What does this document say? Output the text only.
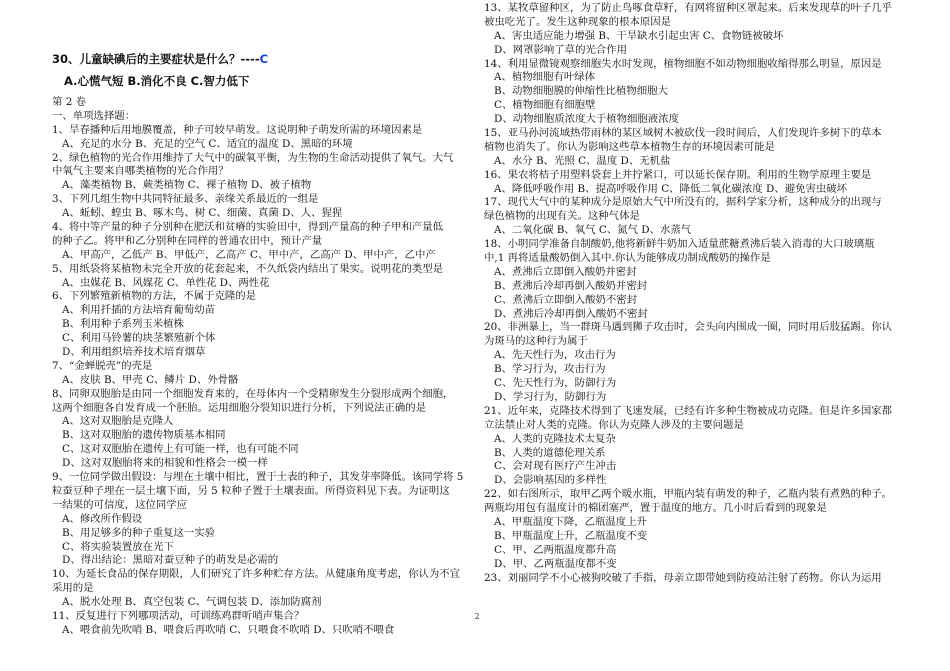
30、儿童缺碘后的主要症状是什么？----C
A.心慌气短 B.消化不良 C.智力低下
第 2 卷
一、单项选择题：
1、旱春播种后用地膜覆盖，种子可较早萌发。这说明种子萌发所需的环境因素是
A、充足的水分 B、充足的空气 C、适宜的温度 D、黑暗的环境
2、绿色植物的光合作用维持了大气中的碳氧平衡，为生物的生命活动提供了氧气。大气
中氧气主要来自哪类植物的光合作用？
A、藻类植物 B、蕨类植物 C、裸子植物 D、被子植物
3、下列几组生物中共同特征最多、亲缘关系最近的一组是
A、蚯蚓、蝗虫 B、啄木鸟、树 C、细菌、真菌 D、人、猩猩
4、将中等产量的种子分别种在肥沃和贫瘠的实验田中，得到产量高的种子甲和产量低
的种子乙。将甲和乙分别种在同样的普通农田中，预计产量
A、甲高产，乙低产 B、甲低产，乙高产 C、甲中产，乙高产 D、甲中产，乙中产
5、用纸袋将某植物未完全开放的花套起来，不久纸袋内结出了果实。说明花的类型是
A、虫媒花 B、风媒花 C、单性花 D、两性花
6、下列繁殖新植物的方法，不属于克隆的是
A、利用扦插的方法培育葡萄幼苗
B、利用种子系列玉米植株
C、利用马铃薯的块茎繁殖新个体
D、利用组织培养技术培育烟草
7、“金蝉脱壳”的壳是
A、皮肤 B、甲壳 C、鳞片 D、外骨骼
8、同卵双胞胎是由同一个细胞发育来的，在母体内一个受精卵发生分裂形成两个细胞，
这两个细胞各自发育成一个胚胎。运用细胞分裂知识进行分析，下列说法正确的是
A、这对双胞胎是克隆人
B、这对双胞胎的遗传物质基本相同
C、这对双胞胎在遗传上有可能一样，也有可能不同
D、这对双胞胎将来的相貌和性格会一模一样
9、一位同学做出假设：与埋在土壤中相比，置于土表的种子，其发芽率降低。该同学将 5
粒蚕豆种子埋在一层土壤下面，另 5 粒种子置于土壤表面。所得资料见下表。为证明这
一结果的可信度，这位同学应
A、修改所作假设
B、用足够多的种子重复这一实验
C、将实验装置放在光下
D、得出结论：黑暗对蚕豆种子的萌发是必需的
10、为延长食品的保存期限，人们研究了许多种贮存方法。从健康角度考虑，你认为不宜
采用的是
A、脱水处理 B、真空包装 C、气调包装 D、添加防腐剂
11、反复进行下列哪项活动，可训练鸡群听哨声集合？
A、喂食前先吹哨 B、喂食后再吹哨 C、只喂食不吹哨 D、只吹哨不喂食
13、某牧草留种区，为了防止鸟啄食草籽，有网将留种区罩起来。后来发现草的叶子几乎
被虫吃光了。发生这种现象的根本原因是
A、害虫适应能力增强 B、干旱缺水引起虫害 C、食物链被破坏
D、网罩影响了草的光合作用
14、利用显微镜观察细胞失水时发现，植物细胞不如动物细胞收缩得那么明显，原因是
A、植物细胞有叶绿体
B、动物细胞膜的伸缩性比植物细胞大
C、植物细胞有细胞壁
D、动物细胞质浓度大于植物细胞液浓度
15、亚马孙河流域热带雨林的某区域树木被砍伐一段时间后，人们发现许多树下的草本
植物也消失了。你认为影响这些草本植物生存的环境因素可能是
A、水分 B、光照 C、温度 D、无机盐
16、果农将桔子用塑料袋套上并拧紧口，可以延长保存期。利用的生物学原理主要是
A、降低呼吸作用 B、提高呼吸作用 C、降低二氧化碳浓度 D、避免害虫破坏
17、现代大气中的某种成分是原始大气中所没有的，据科学家分析，这种成分的出现与
绿色植物的出现有关。这种气体是
A、二氧化碳 B、氧气 C、氮气 D、水蒸气
18、小明同学准备自制酸奶,他将新鲜牛奶加入适量蔗糖煮沸后装入消毒的大口玻璃瓶
中,1 再将适量酸奶倒入其中.你认为能够成功制成酸奶的操作是
A、煮沸后立即倒入酸奶并密封
B、煮沸后冷却再倒入酸奶并密封
C、煮沸后立即倒入酸奶不密封
D、煮沸后冷却再倒入酸奶不密封
20、非洲暴上，当一群斑马遇到狮子攻击时，会头向内围成一圈，同时用后肢猛踢。你认
为斑马的这种行为属于
A、先天性行为，攻击行为
B、学习行为，攻击行为
C、先天性行为，防御行为
D、学习行为，防御行为
21、近年来，克隆技术得到了飞速发展，已经有许多种生物被成功克隆。但是许多国家都
立法禁止对人类的克隆。你认为克隆人涉及的主要问题是
A、人类的克隆技术太复杂
B、人类的道德伦理关系
C、会对现有医疗产生冲击
D、会影响基因的多样性
22、如右图所示，取甲乙两个暖水瓶，甲瓶内装有萌发的种子，乙瓶内装有煮熟的种子。
两瓶均用包有温度计的棉团塞严，置于温度的地方。几小时后看到的现象是
A、甲瓶温度下降，乙瓶温度上升
B、甲瓶温度上升，乙瓶温度不变
C、甲、乙两瓶温度都升高
D、甲、乙两瓶温度都不变
23、刘丽同学不小心被狗咬破了手指，母亲立即带她到防疫站注射了药物。你认为运用
2
